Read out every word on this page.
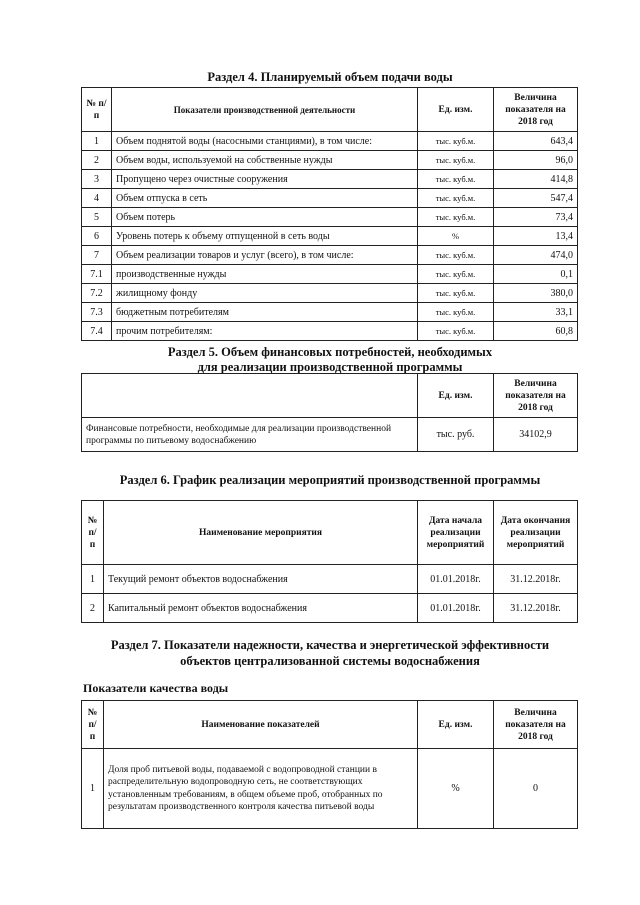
Раздел 4. Планируемый объем подачи воды
№ п/п	Показатели производственной деятельности	Ед. изм.	Величина показателя на 2018 год
1	Объем поднятой воды (насосными станциями), в том числе:	тыс. куб.м.	643,4
2	Объем воды, используемой на собственные нужды	тыс. куб.м.	96,0
3	Пропущено через очистные сооружения	тыс. куб.м.	414,8
4	Объем отпуска в сеть	тыс. куб.м.	547,4
5	Объем потерь	тыс. куб.м.	73,4
6	Уровень потерь к объему отпущенной в сеть воды	%	13,4
7	Объем реализации товаров и услуг (всего), в том числе:	тыс. куб.м.	474,0
7.1	производственные нужды	тыс. куб.м.	0,1
7.2	жилищному фонду	тыс. куб.м.	380,0
7.3	бюджетным потребителям	тыс. куб.м.	33,1
7.4	прочим потребителям:	тыс. куб.м.	60,8
Раздел 5. Объем финансовых потребностей, необходимых
для реализации производственной программы
	Ед. изм.	Величина показателя на 2018 год
Финансовые потребности, необходимые для реализации производственной программы по питьевому водоснабжению	тыс. руб.	34102,9
Раздел 6. График реализации мероприятий производственной программы
№ п/п	Наименование мероприятия	Дата начала реализации мероприятий	Дата окончания реализации мероприятий
1	Текущий ремонт объектов водоснабжения	01.01.2018г.	31.12.2018г.
2	Капитальный ремонт объектов водоснабжения	01.01.2018г.	31.12.2018г.
Раздел 7. Показатели надежности, качества и энергетической эффективности
объектов централизованной системы водоснабжения
Показатели качества воды
№ п/п	Наименование показателей	Ед. изм.	Величина показателя на 2018 год
1	Доля проб питьевой воды, подаваемой с водопроводной станции в распределительную водопроводную сеть, не соответствующих установленным требованиям, в общем объеме проб, отобранных по результатам производственного контроля качества питьевой воды	%	0
